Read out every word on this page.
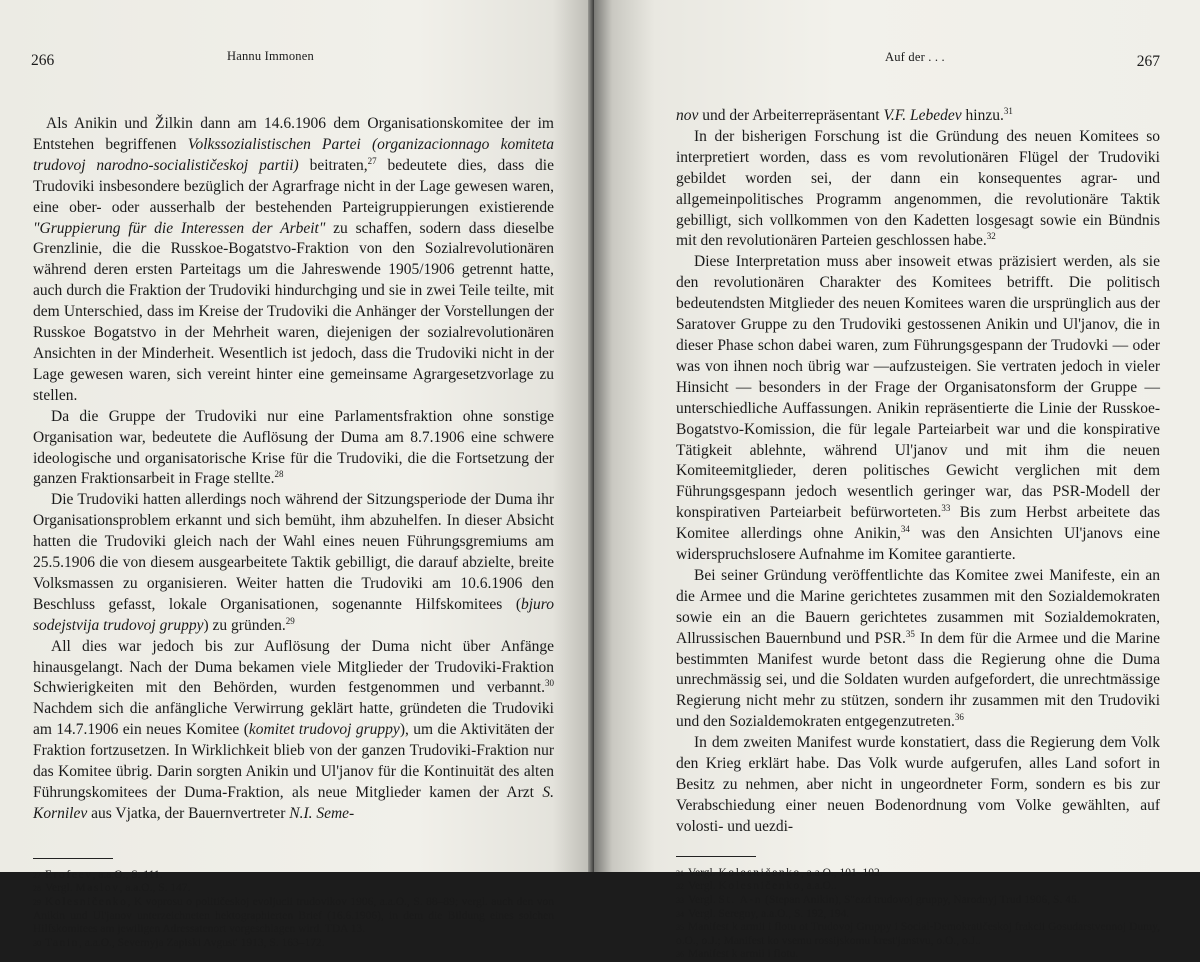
266	Hannu Immonen

Als Anikin und Žilkin dann am 14.6.1906 dem Organisationskomitee der im Entstehen begriffenen Volkssozialistischen Partei (organizacionnago komiteta trudovoj narodno-socialističeskoj partii) beitraten,$^{27}$ bedeutete dies, dass die Trudoviki insbesondere bezüglich der Agrarfrage nicht in der Lage gewesen waren, eine ober- oder ausserhalb der bestehenden Parteigruppierungen existierende "Gruppierung für die Interessen der Arbeit" zu schaffen, sodern dass dieselbe Grenzlinie, die die Russkoe-Bogatstvo-Fraktion von den Sozialrevolutionären während deren ersten Parteitags um die Jahreswende 1905/1906 getrennt hatte, auch durch die Fraktion der Trudoviki hindurchging und sie in zwei Teile teilte, mit dem Unterschied, dass im Kreise der Trudoviki die Anhänger der Vorstellungen der Russkoe Bogatstvo in der Mehrheit waren, diejenigen der sozialrevolutionären Ansichten in der Minderheit. Wesentlich ist jedoch, dass die Trudoviki nicht in der Lage gewesen waren, sich vereint hinter eine gemeinsame Agrargesetzvorlage zu stellen.

Da die Gruppe der Trudoviki nur eine Parlamentsfraktion ohne sonstige Organisation war, bedeutete die Auflösung der Duma am 8.7.1906 eine schwere ideologische und organisatorische Krise für die Trudoviki, die die Fortsetzung der ganzen Fraktionsarbeit in Frage stellte.$^{28}$

Die Trudoviki hatten allerdings noch während der Sitzungsperiode der Duma ihr Organisationsproblem erkannt und sich bemüht, ihm abzuhelfen. In dieser Absicht hatten die Trudoviki gleich nach der Wahl eines neuen Führungsgremiums am 25.5.1906 die von diesem ausgearbeitete Taktik gebilligt, die darauf abzielte, breite Volksmassen zu organisieren. Weiter hatten die Trudoviki am 10.6.1906 den Beschluss gefasst, lokale Organisationen, sogenannte Hilfskomitees (bjuro sodejstvija trudovoj gruppy) zu gründen.$^{29}$

All dies war jedoch bis zur Auflösung der Duma nicht über Anfänge hinausgelangt. Nach der Duma bekamen viele Mitglieder der Trudoviki-Fraktion Schwierigkeiten mit den Behörden, wurden festgenommen und verbannt.$^{30}$ Nachdem sich die anfängliche Verwirrung geklärt hatte, gründeten die Trudoviki am 14.7.1906 ein neues Komitee (komitet trudovoj gruppy), um die Aktivitäten der Fraktion fortzusetzen. In Wirklichkeit blieb von der ganzen Trudoviki-Fraktion nur das Komitee übrig. Darin sorgten Anikin und Ul'janov für die Kontinuität des alten Führungskomitees der Duma-Fraktion, als neue Mitglieder kamen der Arzt S. Kornilev aus Vjatka, der Bauernvertreter N.I. Seme-

$^{27}$ Erofeev, a.a.O., S. 111.
$^{28}$ Vergl. Maslov, a.a.O., S. 147.
$^{29}$ Kolesničenko, K voprosu o političeskoj evoljucii trudovikov 1906, a.a.O., S. 88–89; vergl. auch den von Anikin und Ul'janov unterzeichneten hektographierten Brief (16.6.1906), in dem die Bildung eines solchen Hilfskomitees am jewiligen Adressatenort vorgeschlagen wird. TDA 13.
$^{30}$ Tanin, a.a.O., Severnyja Zapiski Avgust' 1913, S. 163–172.
Auf der . . .	267

nov und der Arbeiterrepräsentant V.F. Lebedev hinzu.$^{31}$

In der bisherigen Forschung ist die Gründung des neuen Komitees so interpretiert worden, dass es vom revolutionären Flügel der Trudoviki gebildet worden sei, der dann ein konsequentes agrar- und allgemeinpolitisches Programm angenommen, die revolutionäre Taktik gebilligt, sich vollkommen von den Kadetten losgesagt sowie ein Bündnis mit den revolutionären Parteien geschlossen habe.$^{32}$

Diese Interpretation muss aber insoweit etwas präzisiert werden, als sie den revolutionären Charakter des Komitees betrifft. Die politisch bedeutendsten Mitglieder des neuen Komitees waren die ursprünglich aus der Saratover Gruppe zu den Trudoviki gestossenen Anikin und Ul'janov, die in dieser Phase schon dabei waren, zum Führungsgespann der Trudovki — oder was von ihnen noch übrig war —aufzusteigen. Sie vertraten jedoch in vieler Hinsicht — besonders in der Frage der Organisatonsform der Gruppe — unterschiedliche Auffassungen. Anikin repräsentierte die Linie der Russkoe-Bogatstvo-Komission, die für legale Parteiarbeit war und die konspirative Tätigkeit ablehnte, während Ul'janov und mit ihm die neuen Komiteemitglieder, deren politisches Gewicht verglichen mit dem Führungsgespann jedoch wesentlich geringer war, das PSR-Modell der konspirativen Parteiarbeit befürworteten.$^{33}$ Bis zum Herbst arbeitete das Komitee allerdings ohne Anikin,$^{34}$ was den Ansichten Ul'janovs eine widerspruchslosere Aufnahme im Komitee garantierte.

Bei seiner Gründung veröffentlichte das Komitee zwei Manifeste, ein an die Armee und die Marine gerichtetes zusammen mit den Sozialdemokraten sowie ein an die Bauern gerichtetes zusammen mit Sozialdemokraten, Allrussischen Bauernbund und PSR.$^{35}$ In dem für die Armee und die Marine bestimmten Manifest wurde betont dass die Regierung ohne die Duma unrechmässig sei, und die Soldaten wurden aufgefordert, die unrechtmässige Regierung nicht mehr zu stützen, sondern ihr zusammen mit den Trudoviki und den Sozialdemokraten entgegenzutreten.$^{36}$

In dem zweiten Manifest wurde konstatiert, dass die Regierung dem Volk den Krieg erklärt habe. Das Volk wurde aufgerufen, alles Land sofort in Besitz zu nehmen, aber nicht in ungeordneter Form, sondern es bis zur Verabschiedung einer neuen Bodenordnung vom Volke gewählten, auf volosti- und uezdi-

$^{31}$ Vergl. Kolesničenko, a.a.O., 101–102.
$^{32}$ Vergl. Kolesničenko, a.a.O..
$^{33}$ Vergl. St. A-n (Stepan Anikin), S"ezd trudovoj gruppy, Narodnyj Trud 1906, S. 45.
$^{34}$ Vergl. Seregny, a.a.O., S. 192, 194.
$^{35}$ Manifest k armii i flotu ot Trudovoj Gruppy i Social-Demokratičeskoj frakcii Gosudarstvennoj Dumy, o.O., o.J.; Manifest ko vsemu rossijskomu krest'janstvu, o.O., o.J..
$^{36}$ Manifest k armii i flotu.
